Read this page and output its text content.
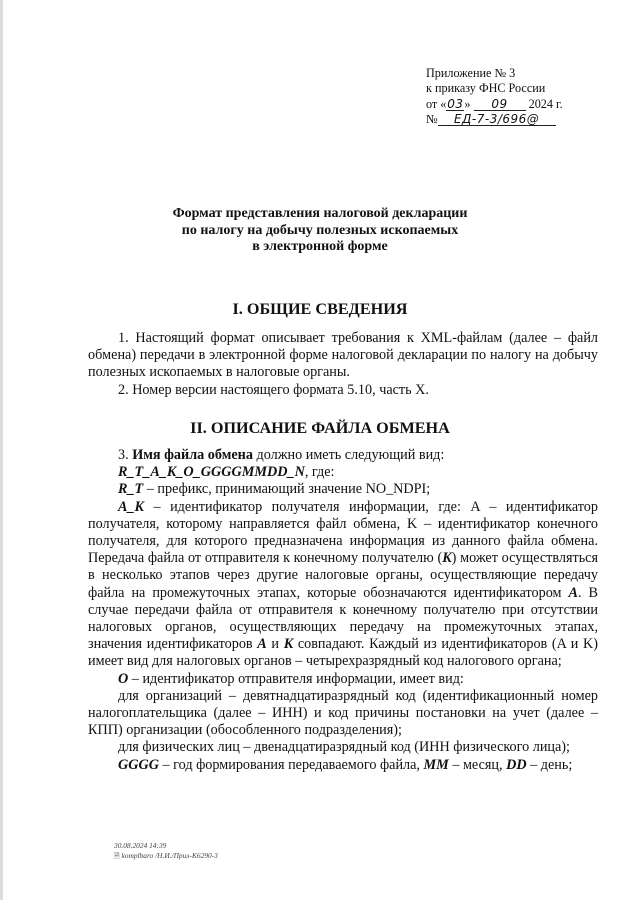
Приложение № 3
к приказу ФНС России
от «03» 09 2024 г.
№ ЕД-7-3/696@
Формат представления налоговой декларации
по налогу на добычу полезных ископаемых
в электронной форме
I. ОБЩИЕ СВЕДЕНИЯ

1. Настоящий формат описывает требования к XML-файлам (далее – файл обмена) передачи в электронной форме налоговой декларации по налогу на добычу полезных ископаемых в налоговые органы.

2. Номер версии настоящего формата 5.10, часть X.

II. ОПИСАНИЕ ФАЙЛА ОБМЕНА

3. Имя файла обмена должно иметь следующий вид:

R_T_A_K_O_GGGGMMDD_N, где:

R_T – префикс, принимающий значение NO_NDPI;

A_K – идентификатор получателя информации, где: A – идентификатор получателя, которому направляется файл обмена, K – идентификатор конечного получателя, для которого предназначена информация из данного файла обмена. Передача файла от отправителя к конечному получателю (K) может осуществляться в несколько этапов через другие налоговые органы, осуществляющие передачу файла на промежуточных этапах, которые обозначаются идентификатором A. В случае передачи файла от отправителя к конечному получателю при отсутствии налоговых органов, осуществляющих передачу на промежуточных этапах, значения идентификаторов A и K совпадают. Каждый из идентификаторов (A и K) имеет вид для налоговых органов – четырехразрядный код налогового органа;

O – идентификатор отправителя информации, имеет вид:

для организаций – девятнадцатиразрядный код (идентификационный номер налогоплательщика (далее – ИНН) и код причины постановки на учет (далее – КПП) организации (обособленного подразделения);

для физических лиц – двенадцатиразрядный код (ИНН физического лица);

GGGG – год формирования передаваемого файла, MM – месяц, DD – день;

30.08.2024 14:39
🗎 komplbaro /Н.И./Прил-К6290-3
